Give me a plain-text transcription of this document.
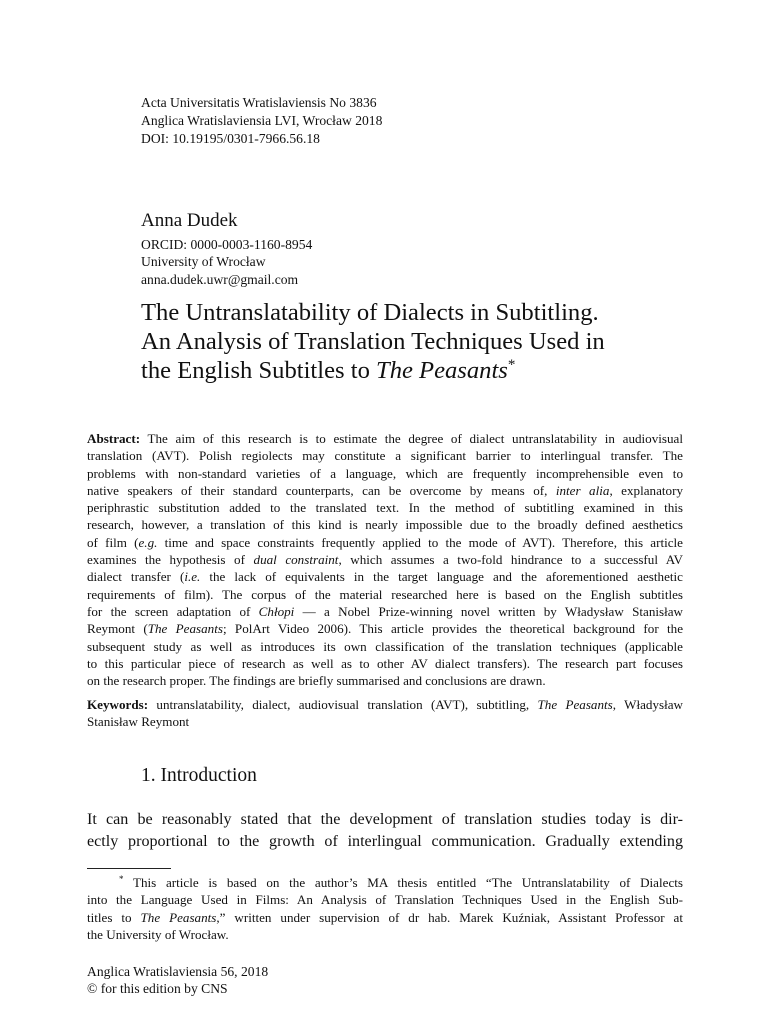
Acta Universitatis Wratislaviensis No 3836
Anglica Wratislaviensia LVI, Wrocław 2018
DOI: 10.19195/0301-7966.56.18
Anna Dudek
ORCID: 0000-0003-1160-8954
University of Wrocław
anna.dudek.uwr@gmail.com
The Untranslatability of Dialects in Subtitling.
An Analysis of Translation Techniques Used in
the English Subtitles to The Peasants*
Abstract: The aim of this research is to estimate the degree of dialect untranslatability in audiovisual
translation (AVT). Polish regiolects may constitute a significant barrier to interlingual transfer. The
problems with non-standard varieties of a language, which are frequently incomprehensible even to
native speakers of their standard counterparts, can be overcome by means of, inter alia, explanatory
periphrastic substitution added to the translated text. In the method of subtitling examined in this
research, however, a translation of this kind is nearly impossible due to the broadly defined aesthetics
of film (e.g. time and space constraints frequently applied to the mode of AVT). Therefore, this article
examines the hypothesis of dual constraint, which assumes a two-fold hindrance to a successful AV
dialect transfer (i.e. the lack of equivalents in the target language and the aforementioned aesthetic
requirements of film). The corpus of the material researched here is based on the English subtitles
for the screen adaptation of Chłopi — a Nobel Prize-winning novel written by Władysław Stanisław
Reymont (The Peasants; PolArt Video 2006). This article provides the theoretical background for the
subsequent study as well as introduces its own classification of the translation techniques (applicable
to this particular piece of research as well as to other AV dialect transfers). The research part focuses
on the research proper. The findings are briefly summarised and conclusions are drawn.
Keywords: untranslatability, dialect, audiovisual translation (AVT), subtitling, The Peasants, Władysław
Stanisław Reymont
1. Introduction
It can be reasonably stated that the development of translation studies today is dir-
ectly proportional to the growth of interlingual communication. Gradually extending
* This article is based on the author’s MA thesis entitled “The Untranslatability of Dialects
into the Language Used in Films: An Analysis of Translation Techniques Used in the English Sub-
titles to The Peasants,” written under supervision of dr hab. Marek Kuźniak, Assistant Professor at
the University of Wrocław.
Anglica Wratislaviensia 56, 2018
© for this edition by CNS
